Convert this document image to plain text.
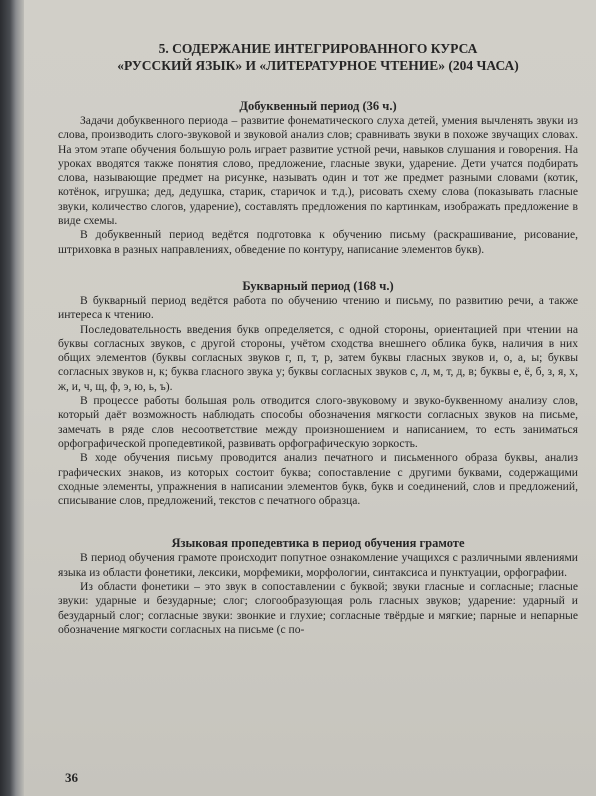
5. СОДЕРЖАНИЕ ИНТЕГРИРОВАННОГО КУРСА
«РУССКИЙ ЯЗЫК» И «ЛИТЕРАТУРНОЕ ЧТЕНИЕ» (204 ЧАСА)
Добуквенный период (36 ч.)

Задачи добуквенного периода – развитие фонематического слуха детей, умения вычленять звуки из слова, производить слого-звуковой и звуковой анализ слов; сравнивать звуки в похоже звучащих словах. На этом этапе обучения большую роль играет развитие устной речи, навыков слушания и говорения. На уроках вводятся также понятия слово, предложение, гласные звуки, ударение. Дети учатся подбирать слова, называющие предмет на рисунке, называть один и тот же предмет разными словами (котик, котёнок, игрушка; дед, дедушка, старик, старичок и т.д.), рисовать схему слова (показывать гласные звуки, количество слогов, ударение), составлять предложения по картинкам, изображать предложение в виде схемы.

В добуквенный период ведётся подготовка к обучению письму (раскрашивание, рисование, штриховка в разных направлениях, обведение по контуру, написание элементов букв).

Букварный период (168 ч.)

В букварный период ведётся работа по обучению чтению и письму, по развитию речи, а также интереса к чтению.

Последовательность введения букв определяется, с одной стороны, ориентацией при чтении на буквы согласных звуков, с другой стороны, учётом сходства внешнего облика букв, наличия в них общих элементов (буквы согласных звуков г, п, т, р, затем буквы гласных звуков и, о, а, ы; буквы согласных звуков н, к; буква гласного звука у; буквы согласных звуков с, л, м, т, д, в; буквы е, ё, б, з, я, х, ж, и, ч, щ, ф, э, ю, ь, ъ).

В процессе работы большая роль отводится слого-звуковому и звуко-буквенному анализу слов, который даёт возможность наблюдать способы обозначения мягкости согласных звуков на письме, замечать в ряде слов несоответствие между произношением и написанием, то есть заниматься орфографической пропедевтикой, развивать орфографическую зоркость.

В ходе обучения письму проводится анализ печатного и письменного образа буквы, анализ графических знаков, из которых состоит буква; сопоставление с другими буквами, содержащими сходные элементы, упражнения в написании элементов букв, букв и соединений, слов и предложений, списывание слов, предложений, текстов с печатного образца.

Языковая пропедевтика в период обучения грамоте

В период обучения грамоте происходит попутное ознакомление учащихся с различными явлениями языка из области фонетики, лексики, морфемики, морфологии, синтаксиса и пунктуации, орфографии.

Из области фонетики – это звук в сопоставлении с буквой; звуки гласные и согласные; гласные звуки: ударные и безударные; слог; слогообразующая роль гласных звуков; ударение: ударный и безударный слог; согласные звуки: звонкие и глухие; согласные твёрдые и мягкие; парные и непарные обозначение мягкости согласных на письме (с по-

36
